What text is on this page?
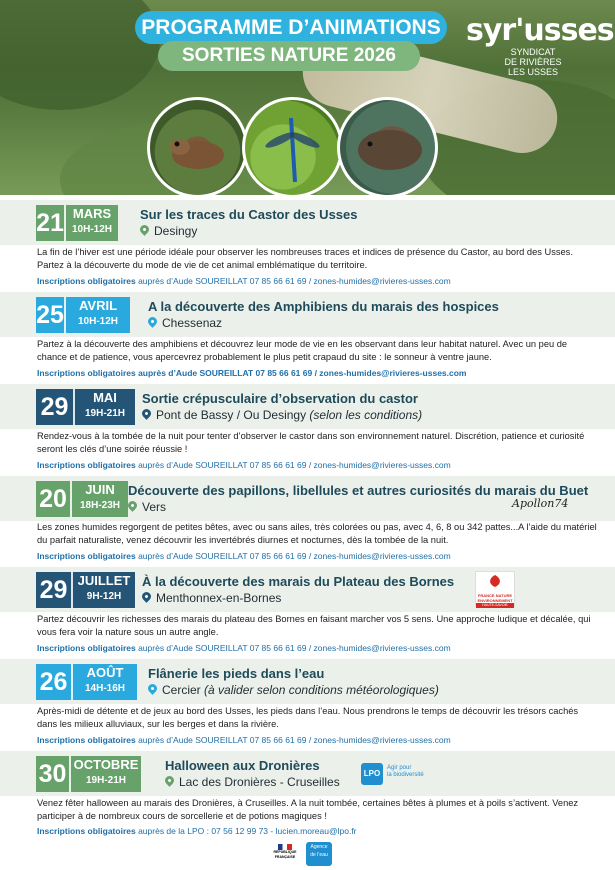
PROGRAMME D’ANIMATIONS
SORTIES NATURE 2026
syr'usses
SYNDICAT
DE RIVIÈRES
LES USSES
21 MARS
10H-12H
Sur les traces du Castor des Usses
Desingy
La fin de l’hiver est une période idéale pour observer les nombreuses traces et indices de présence du Castor, au bord des Usses. Partez à la découverte du mode de vie de cet animal emblématique du territoire.
Inscriptions obligatoires auprès d’Aude SOUREILLAT 07 85 66 61 69 / zones-humides@rivieres-usses.com
25	AVRIL
10H-12H
A la découverte des Amphibiens du marais des hospices
Chessenaz
Partez à la découverte des amphibiens et découvrez leur mode de vie en les observant dans leur habitat naturel. Avec un peu de chance et de patience, vous apercevrez probablement le plus petit crapaud du site : le sonneur à ventre jaune.
Inscriptions obligatoires auprès d’Aude SOUREILLAT 07 85 66 61 69 / zones-humides@rivieres-usses.com
29	MAI
19H-21H
Sortie crépusculaire d’observation du castor
Pont de Bassy / Ou Desingy (selon les conditions)
Rendez-vous à la tombée de la nuit pour tenter d’observer le castor dans son environnement naturel. Discrétion, patience et curiosité seront les clés d’une soirée réussie !
Inscriptions obligatoires auprès d’Aude SOUREILLAT 07 85 66 61 69 / zones-humides@rivieres-usses.com
20	JUIN
18H-23H
Découverte des papillons, libellules et autres curiosités du marais du Buet
Vers
Les zones humides regorgent de petites bêtes, avec ou sans ailes, très colorées ou pas, avec 4, 6, 8 ou 342 pattes...A l’aide du matériel du parfait naturaliste, venez découvrir les invertébrés diurnes et nocturnes, dès la tombée de la nuit.
Inscriptions obligatoires auprès d’Aude SOUREILLAT 07 85 66 61 69 / zones-humides@rivieres-usses.com
29 JUILLET
9H-12H
À la découverte des marais du Plateau des Bornes
Menthonnex-en-Bornes
Partez découvrir les richesses des marais du plateau des Bornes en faisant marcher vos 5 sens. Une approche ludique et décalée, qui vous fera voir la nature sous un autre angle.
Inscriptions obligatoires auprès d’Aude SOUREILLAT 07 85 66 61 69 / zones-humides@rivieres-usses.com
26	AOÛT
14H-16H
Flânerie les pieds dans l’eau
Cercier (à valider selon conditions météorologiques)
Après-midi de détente et de jeux au bord des Usses, les pieds dans l’eau. Nous prendrons le temps de découvrir les trésors cachés dans les milieux alluviaux, sur les berges et dans la rivière.
Inscriptions obligatoires auprès d’Aude SOUREILLAT 07 85 66 61 69 / zones-humides@rivieres-usses.com
30 OCTOBRE
19H-21H
Halloween aux Dronières
Lac des Dronières - Cruseilles
Venez fêter halloween au marais des Dronières, à Cruseilles. A la nuit tombée, certaines bêtes à plumes et à poils s’activent. Venez participer à de nombreux cours de sorcellerie et de potions magiques !
Inscriptions obligatoires auprès de la LPO : 07 56 12 99 73 - lucien.moreau@lpo.fr
Apollon74
FRANCE NATURE
ENVIRONNEMENT
HAUTE-SAVOIE
LPO
Agir pour
la biodiversité
RÉPUBLIQUE
FRANÇAISE
Agence
de l’eau
